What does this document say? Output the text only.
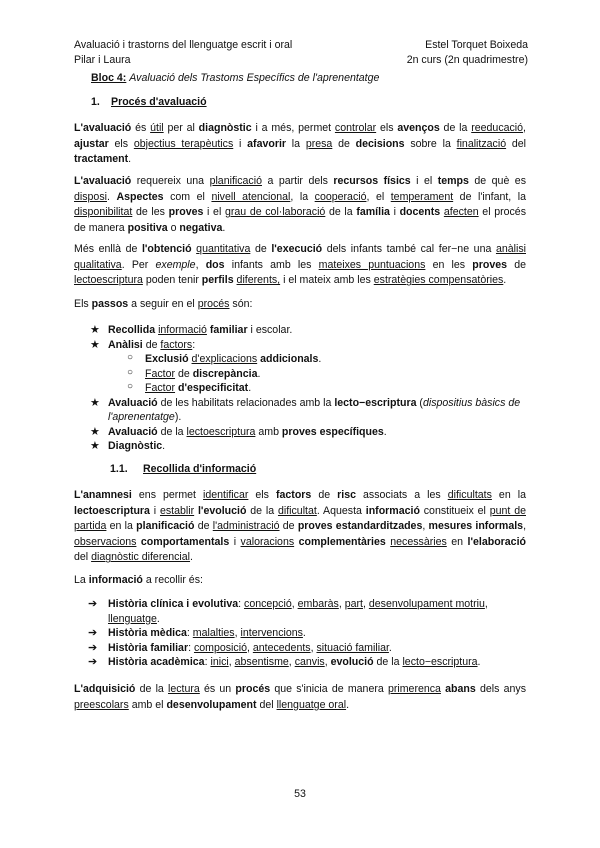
Avaluació i trastorns del llenguatge escrit i oral	Estel Torquet Boixeda
Pilar i Laura	2n curs (2n quadrimestre)
Bloc 4: Avaluació dels Trastoms Específics de l'aprenentatge
1. Procés d'avaluació
L'avaluació és útil per al diagnòstic i a més, permet controlar els avenços de la reeducació, ajustar els objectius terapèutics i afavorir la presa de decisions sobre la finalització del tractament.
L'avaluació requereix una planificació a partir dels recursos físics i el temps de què es disposi. Aspectes com el nivell atencional, la cooperació, el temperament de l'infant, la disponibilitat de les proves i el grau de col·laboració de la família i docents afecten el procés de manera positiva o negativa.
Més enllà de l'obtenció quantitativa de l'execució dels infants també cal fer−ne una anàlisi qualitativa. Per exemple, dos infants amb les mateixes puntuacions en les proves de lectoescriptura poden tenir perfils diferents, i el mateix amb les estratègies compensatòries.
Els passos a seguir en el procés són:
★ Recollida informació familiar i escolar.
★ Anàlisi de factors:
○ Exclusió d'explicacions addicionals.
○ Factor de discrepància.
○ Factor d'especificitat.
★ Avaluació de les habilitats relacionades amb la lecto−escriptura (dispositius bàsics de l'aprenentatge).
★ Avaluació de la lectoescriptura amb proves específiques.
★ Diagnòstic.
1.1. Recollida d'informació
L'anamnesi ens permet identificar els factors de risc associats a les dificultats en la lectoescriptura i establir l'evolució de la dificultat. Aquesta informació constitueix el punt de partida en la planificació de l'administració de proves estandarditzades, mesures informals, observacions comportamentals i valoracions complementàries necessàries en l'elaboració del diagnòstic diferencial.
La informació a recollir és:
➔ Història clínica i evolutiva: concepció, embaràs, part, desenvolupament motriu, llenguatge.
➔ Història mèdica: malalties, intervencions.
➔ Història familiar: composició, antecedents, situació familiar.
➔ Història acadèmica: inici, absentisme, canvis, evolució de la lecto−escriptura.
L'adquisició de la lectura és un procés que s'inicia de manera primerenca abans dels anys preescolars amb el desenvolupament del llenguatge oral.
53
